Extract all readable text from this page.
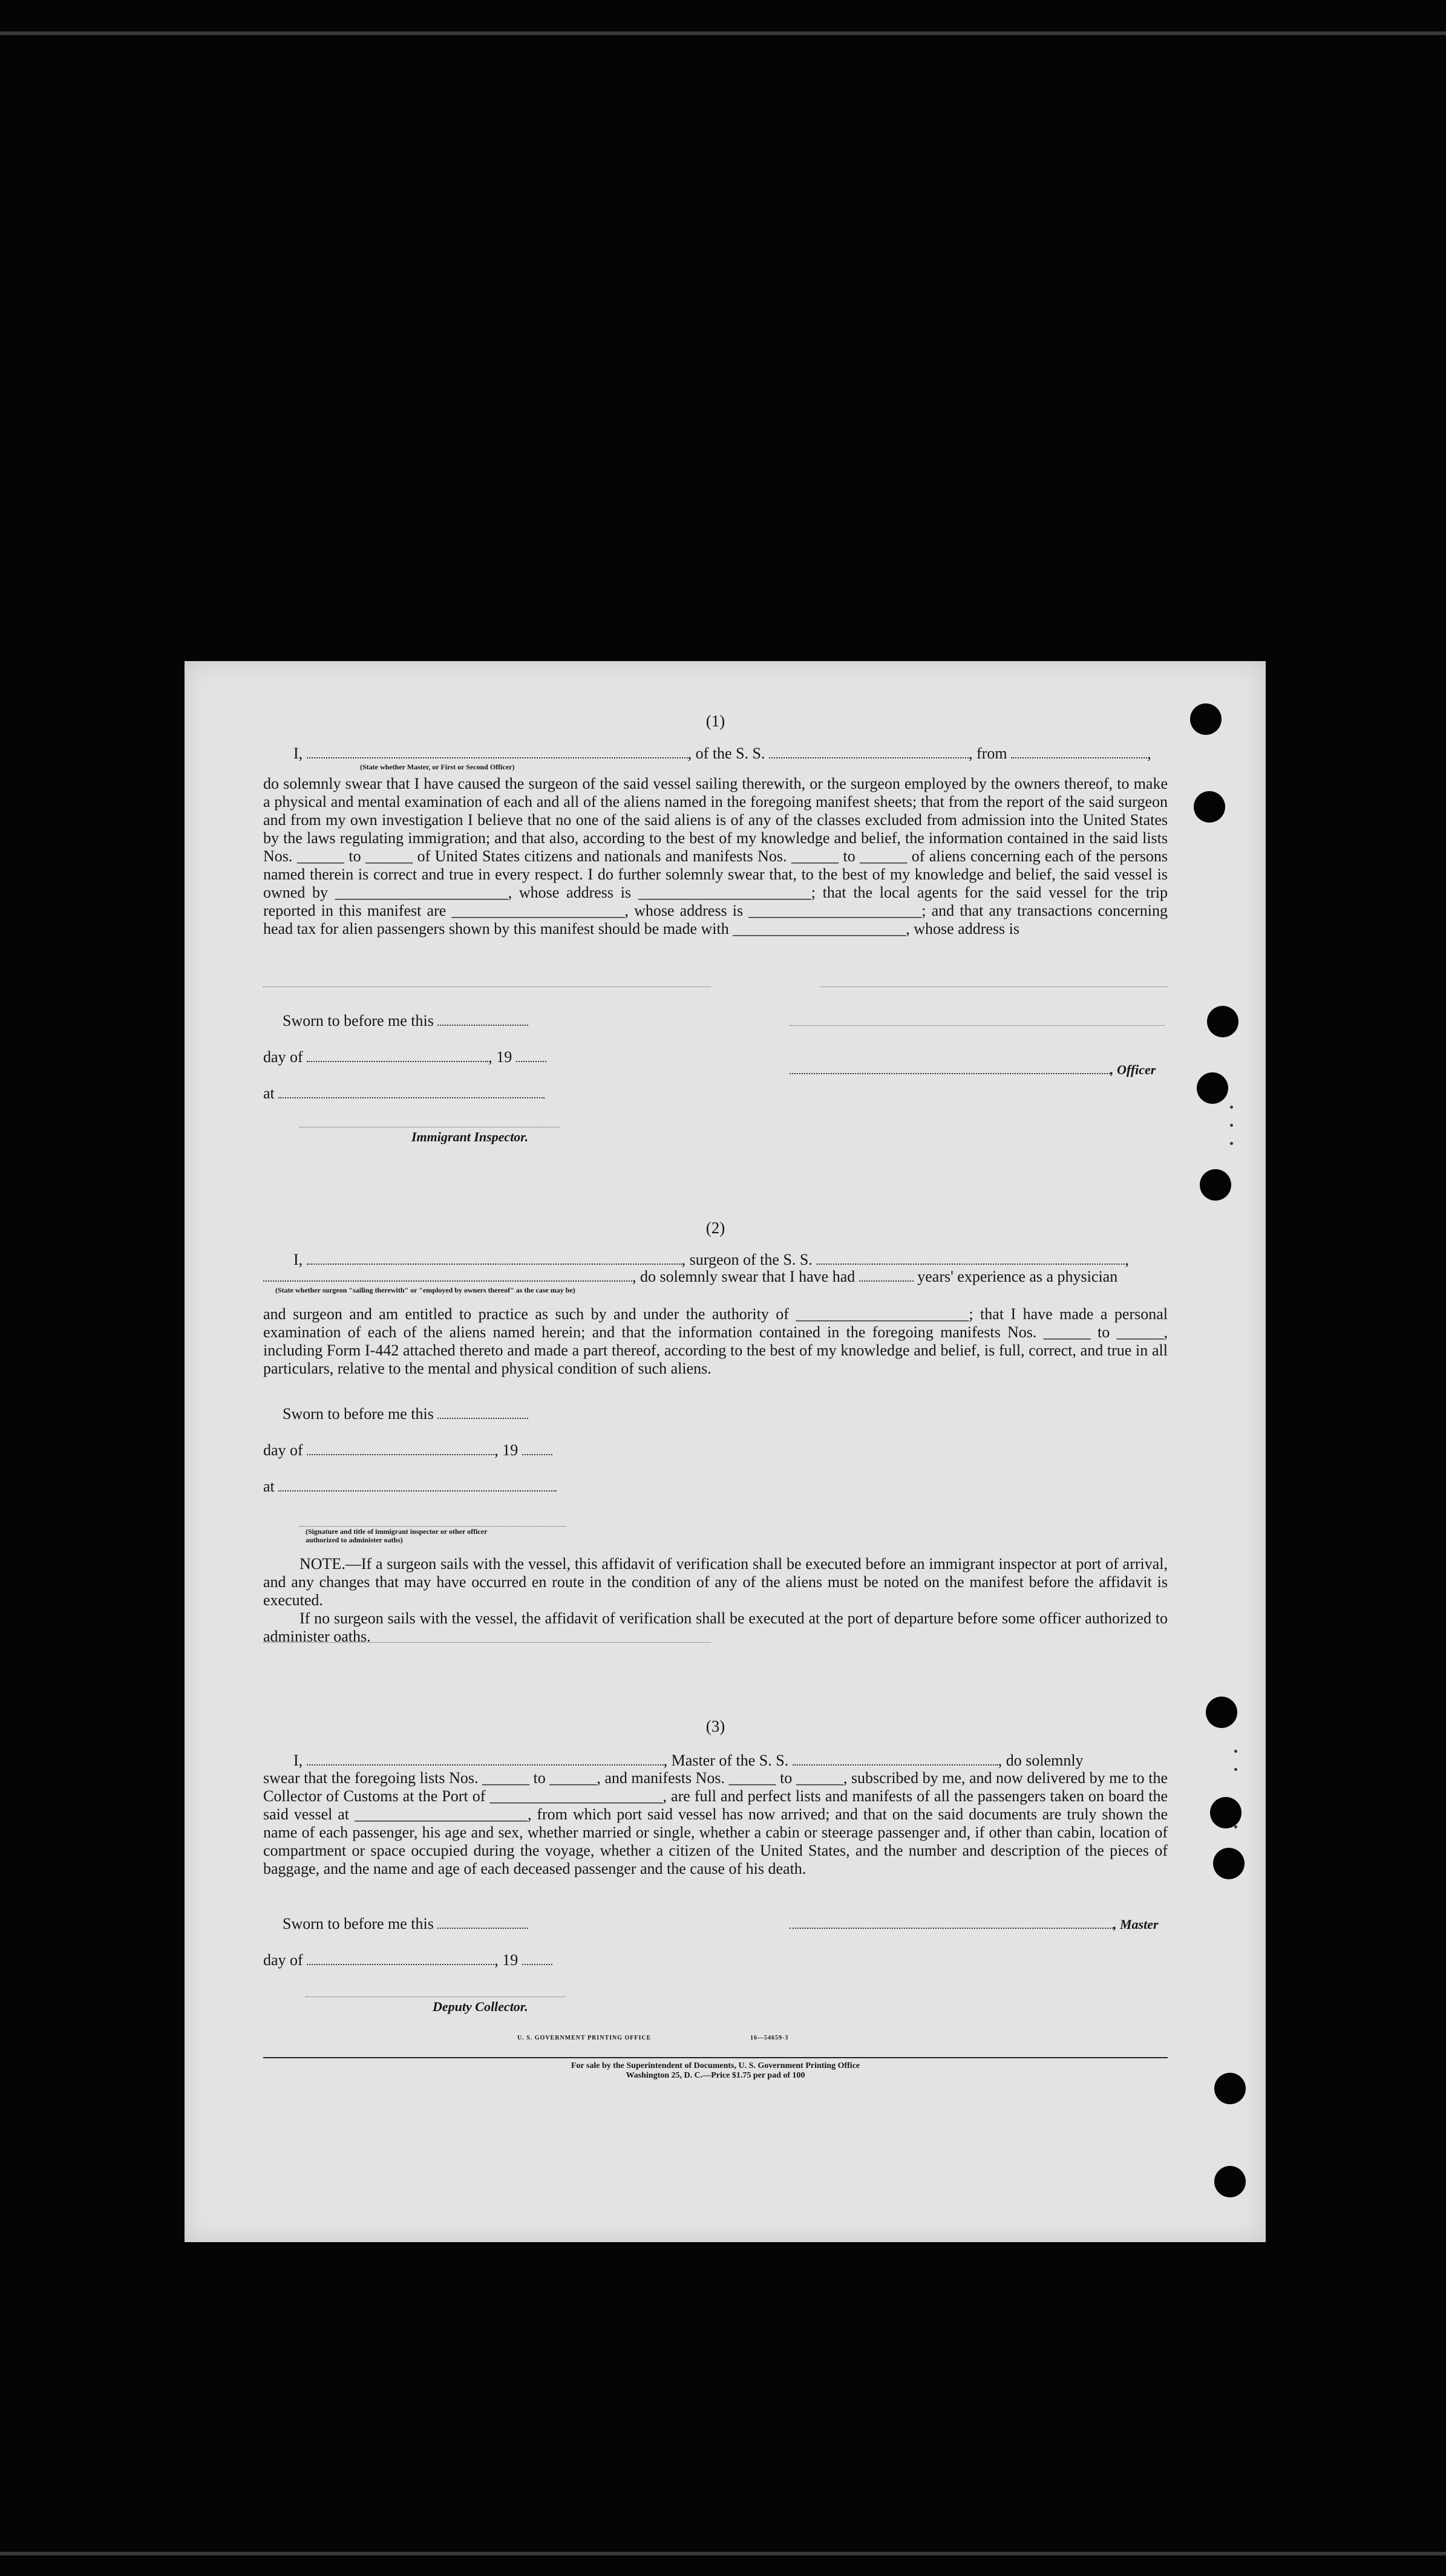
(1)
I,	, of the S. S.	, from	,
(State whether Master, or First or Second Officer)

do solemnly swear that I have caused the surgeon of the said vessel sailing therewith, or the surgeon employed by the owners thereof, to make a physical and mental examination of each and all of the aliens named in the foregoing manifest sheets; that from the report of the said surgeon and from my own investigation I believe that no one of the said aliens is of any of the classes excluded from admission into the United States by the laws regulating immigration; and that also, according to the best of my knowledge and belief, the information contained in the said lists Nos. ______ to ______ of United States citizens and nationals and manifests Nos. ______ to ______ of aliens concerning each of the persons named therein is correct and true in every respect. I do further solemnly swear that, to the best of my knowledge and belief, the said vessel is owned by ______________________, whose address is ______________________; that the local agents for the said vessel for the trip reported in this manifest are ______________________, whose address is ______________________; and that any transactions concerning head tax for alien passengers shown by this manifest should be made with ______________________, whose address is

Sworn to before me this
day of	, 19
, Officer
at
Immigrant Inspector.
(2)
I,	, surgeon of the S. S.	,
, do solemnly swear that I have had	years' experience as a physician
(State whether surgeon "sailing therewith" or "employed by owners thereof" as the case may be)

and surgeon and am entitled to practice as such by and under the authority of ______________________; that I have made a personal examination of each of the aliens named herein; and that the information contained in the foregoing manifests Nos. ______ to ______, including Form I-442 attached thereto and made a part thereof, according to the best of my knowledge and belief, is full, correct, and true in all particulars, relative to the mental and physical condition of such aliens.

Sworn to before me this
day of	, 19
at
(Signature and title of immigrant inspector or other officer authorized to administer oaths)

NOTE.—If a surgeon sails with the vessel, this affidavit of verification shall be executed before an immigrant inspector at port of arrival, and any changes that may have occurred en route in the condition of any of the aliens must be noted on the manifest before the affidavit is executed.

If no surgeon sails with the vessel, the affidavit of verification shall be executed at the port of departure before some officer authorized to administer oaths.

(3)
I,	, Master of the S. S.	, do solemnly

swear that the foregoing lists Nos. ______ to ______, and manifests Nos. ______ to ______, subscribed by me, and now delivered by me to the Collector of Customs at the Port of ______________________, are full and perfect lists and manifests of all the passengers taken on board the said vessel at ______________________, from which port said vessel has now arrived; and that on the said documents are truly shown the name of each passenger, his age and sex, whether married or single, whether a cabin or steerage passenger and, if other than cabin, location of compartment or space occupied during the voyage, whether a citizen of the United States, and the number and description of the pieces of baggage, and the name and age of each deceased passenger and the cause of his death.

Sworn to before me this	, Master
day of	, 19
Deputy Collector.
U. S. GOVERNMENT PRINTING OFFICE	16—54659-3
For sale by the Superintendent of Documents, U. S. Government Printing Office
Washington 25, D. C.—Price $1.75 per pad of 100
